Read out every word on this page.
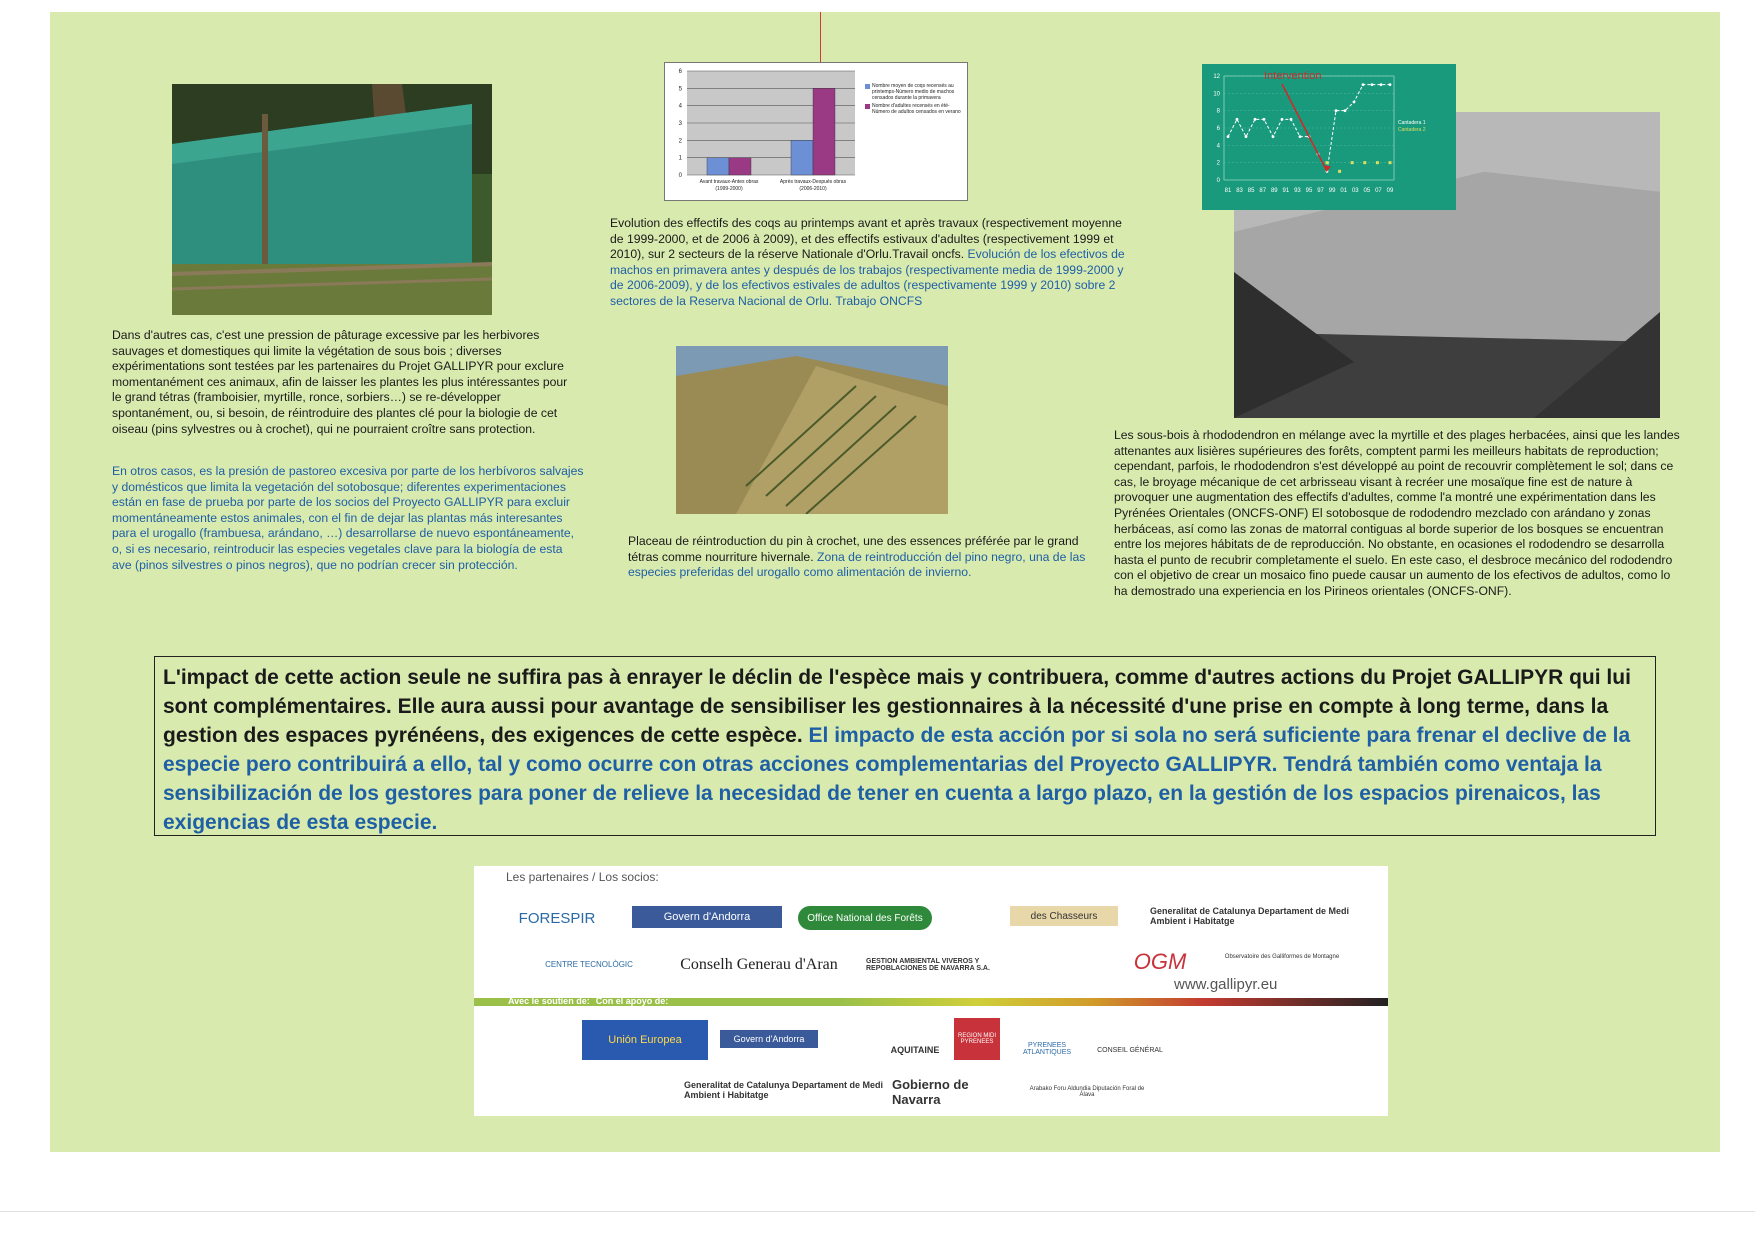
Dans d'autres cas, c'est une pression de pâturage excessive par les herbivores sauvages et domestiques qui limite la végétation de sous bois ; diverses expérimentations sont testées par les partenaires du Projet GALLIPYR pour exclure momentanément ces animaux, afin de laisser les plantes les plus intéressantes pour le grand tétras (framboisier, myrtille, ronce, sorbiers…) se re-développer spontanément, ou, si besoin, de réintroduire des plantes clé pour la biologie de cet oiseau (pins sylvestres ou à crochet), qui ne pourraient croître sans protection.
En otros casos, es la presión de pastoreo excesiva por parte de los herbívoros salvajes y domésticos que limita la vegetación del sotobosque; diferentes experimentaciones están en fase de prueba por parte de los socios del Proyecto GALLIPYR para excluir momentáneamente estos animales, con el fin de dejar las plantas más interesantes para el urogallo (frambuesa, arándano, …) desarrollarse de nuevo espontáneamente, o, si es necesario, reintroducir las especies vegetales clave para la biología de esta ave (pinos silvestres o pinos negros), que no podrían crecer sin protección.
0
1
2
3
4
5
6
Avant travaux-Antes obras
(1999-2000)
Après travaux-Después obras
(2006-2010)
Nombre moyen de coqs recensés au printemps-Número medio de machos censados durante la primavera
Nombre d'adultes recensés en été-Número de adultos censados en verano
Evolution des effectifs des coqs au printemps avant et après travaux (respectivement moyenne de 1999-2000, et de 2006 à 2009), et des effectifs estivaux d'adultes (respectivement 1999 et 2010), sur 2 secteurs de la réserve Nationale d'Orlu.Travail oncfs. Evolución de los efectivos de machos en primavera antes y después de los trabajos (respectivamente media de 1999-2000 y de 2006-2009), y de los efectivos estivales de adultos (respectivamente 1999 y 2010) sobre 2 sectores de la Reserva Nacional de Orlu. Trabajo ONCFS
Placeau de réintroduction du pin à crochet, une des essences préférée par le grand tétras comme nourriture hivernale. Zona de reintroducción del pino negro, una de las especies preferidas del urogallo como alimentación de invierno.
0
2
4
6
8
10
12
81 83 85 87 89 91 93 95 97 99 01 03 05 07 09
Intervention
Cantadera 1
Cantadera 2
Les sous-bois à rhododendron en mélange avec la myrtille et des plages herbacées, ainsi que les landes attenantes aux lisières supérieures des forêts, comptent parmi les meilleurs habitats de reproduction; cependant, parfois, le rhododendron s'est développé au point de recouvrir complètement le sol; dans ce cas, le broyage mécanique de cet arbrisseau visant à recréer une mosaïque fine est de nature à provoquer une augmentation des effectifs d'adultes, comme l'a montré une expérimentation dans les Pyrénées Orientales (ONCFS-ONF) El sotobosque de rododendro mezclado con arándano y zonas herbáceas, así como las zonas de matorral contiguas al borde superior de los bosques se encuentran entre los mejores hábitats de de reproducción. No obstante, en ocasiones el rododendro se desarrolla hasta el punto de recubrir completamente el suelo. En este caso, el desbroce mecánico del rododendro con el objetivo de crear un mosaico fino puede causar un aumento de los efectivos de adultos, como lo ha demostrado una experiencia en los Pirineos orientales (ONCFS-ONF).
L'impact de cette action seule ne suffira pas à enrayer le déclin de l'espèce mais y contribuera, comme d'autres actions du Projet GALLIPYR qui lui sont complémentaires. Elle aura aussi pour avantage de sensibiliser les gestionnaires à la nécessité d'une prise en compte à long terme, dans la gestion des espaces pyrénéens, des exigences de cette espèce. El impacto de esta acción por si sola no será suficiente para frenar el declive de la especie pero contribuirá a ello, tal y como ocurre con otras acciones complementarias del Proyecto GALLIPYR. Tendrá también como ventaja la sensibilización de los gestores para poner de relieve la necesidad de tener en cuenta a largo plazo, en la gestión de los espacios pirenaicos, las exigencias de esta especie.
Les partenaires / Los socios:
FORESPIR	Govern d'Andorra	Office National des Forêts	des Chasseurs	Generalitat de Catalunya Departament de Medi Ambient i Habitatge
CENTRE TECNOLÒGIC	Conselh Generau d'Aran	GESTION AMBIENTAL VIVEROS Y REPOBLACIONES DE NAVARRA S.A.	OGM	Observatoire des Galliformes de Montagne
www.gallipyr.eu
Avec le soutien de: Con el apoyo de:
Unión Europea	Govern d'Andorra
AQUITAINE
REGION MIDI PYRENEES	PYRENEES ATLANTIQUES	CONSEIL GÉNÉRAL
Generalitat de Catalunya Departament de Medi Ambient i Habitatge
Gobierno de Navarra
Arabako Foru Aldundia Diputación Foral de Álava
